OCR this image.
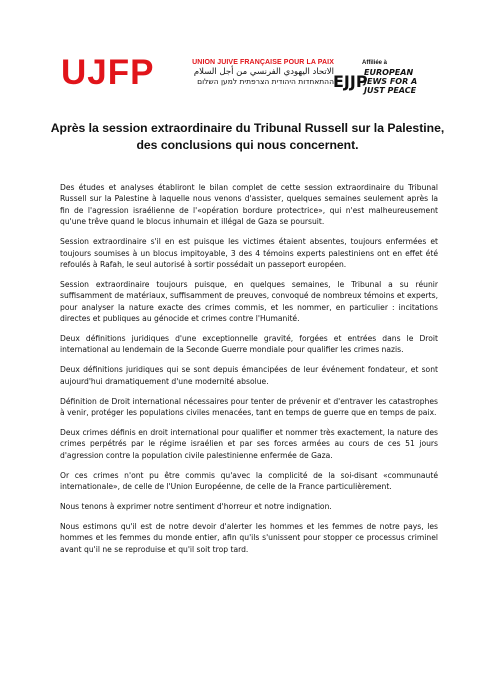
UJFP	UNION JUIVE FRANÇAISE POUR LA PAIX
الاتحاد اليهودي الفرنسي من أجل السلام
ההתאחדות היהודית הצרפתית למען השלום
Affiliée à
EJJP
EUROPEAN JEWS FOR A JUST PEACE
Après la session extraordinaire du Tribunal Russell sur la Palestine,
des conclusions qui nous concernent.

Des études et analyses établiront le bilan complet de cette session extraordinaire du Tribunal Russell sur la Palestine à laquelle nous venons d'assister, quelques semaines seulement après la fin de l'agression israélienne de l'«opération bordure protectrice», qui n'est malheureusement qu'une trêve quand le blocus inhumain et illégal de Gaza se poursuit.

Session extraordinaire s'il en est puisque les victimes étaient absentes, toujours enfermées et toujours soumises à un blocus impitoyable, 3 des 4 témoins experts palestiniens ont en effet été refoulés à Rafah, le seul autorisé à sortir possédait un passeport européen.

Session extraordinaire toujours puisque, en quelques semaines, le Tribunal a su réunir suffisamment de matériaux, suffisamment de preuves, convoqué de nombreux témoins et experts, pour analyser la nature exacte des crimes commis, et les nommer, en particulier : incitations directes et publiques au génocide et crimes contre l'Humanité.

Deux définitions juridiques d'une exceptionnelle gravité, forgées et entrées dans le Droit international au lendemain de la Seconde Guerre mondiale pour qualifier les crimes nazis.

Deux définitions juridiques qui se sont depuis émancipées de leur événement fondateur, et sont aujourd'hui dramatiquement d'une modernité absolue.

Définition de Droit international nécessaires pour tenter de prévenir et d'entraver les catastrophes à venir, protéger les populations civiles menacées, tant en temps de guerre que en temps de paix.

Deux crimes définis en droit international pour qualifier et nommer très exactement, la nature des crimes perpétrés par le régime israélien et par ses forces armées au cours de ces 51 jours d'agression contre la population civile palestinienne enfermée de Gaza.

Or ces crimes n'ont pu être commis qu'avec la complicité de la soi-disant «communauté internationale», de celle de l'Union Européenne, de celle de la France particulièrement.

Nous tenons à exprimer notre sentiment d'horreur et notre indignation.

Nous estimons qu'il est de notre devoir d'alerter les hommes et les femmes de notre pays, les hommes et les femmes du monde entier, afin qu'ils s'unissent pour stopper ce processus criminel avant qu'il ne se reproduise et qu'il soit trop tard.
